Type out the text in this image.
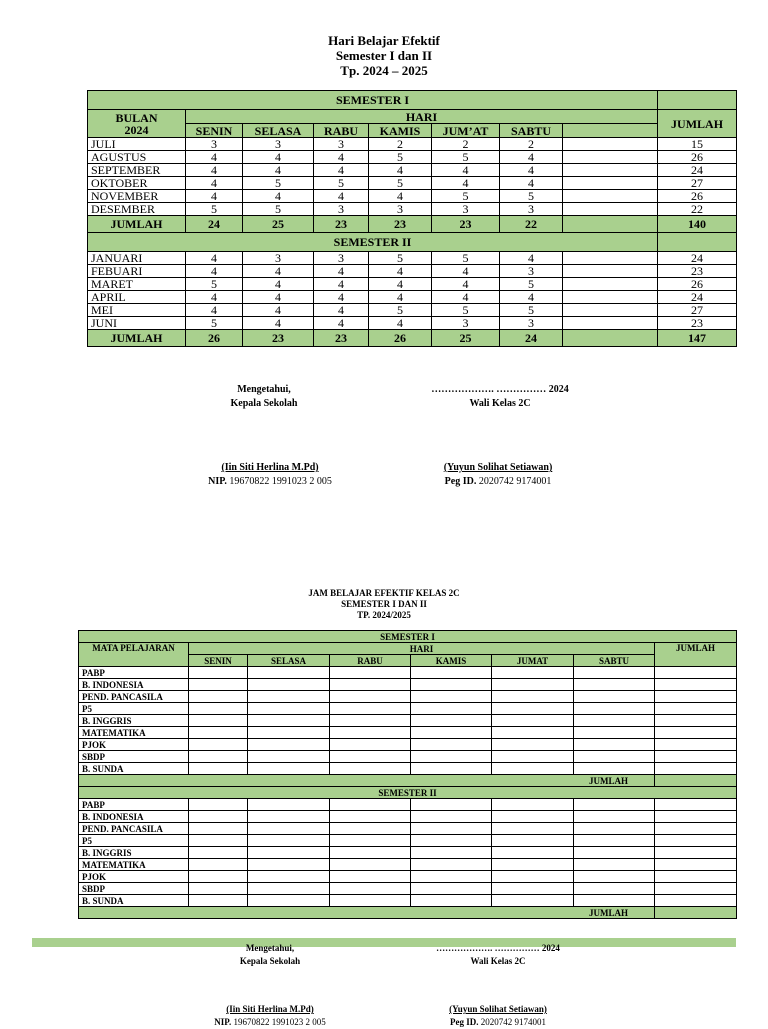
Hari Belajar Efektif
Semester I dan II
Tp. 2024 – 2025
SEMESTER I								
BULAN
2024	HARI							JUMLAH
	SENIN	SELASA	RABU	KAMIS	JUM’AT	SABTU		
JULI	3	3	3	2	2	2		15
AGUSTUS	4	4	4	5	5	4		26
SEPTEMBER	4	4	4	4	4	4		24
OKTOBER	4	5	5	5	4	4		27
NOVEMBER	4	4	4	4	5	5		26
DESEMBER	5	5	3	3	3	3		22
JUMLAH	24	25	23	23	23	22		140
SEMESTER II								
JANUARI	4	3	3	5	5	4		24
FEBUARI	4	4	4	4	4	3		23
MARET	5	4	4	4	4	5		26
APRIL	4	4	4	4	4	4		24
MEI	4	4	4	5	5	5		27
JUNI	5	4	4	4	3	3		23
JUMLAH	26	23	23	26	25	24		147
Mengetahui,
Kepala Sekolah
………………. …………… 2024
Wali Kelas 2C
(Iin Siti Herlina M.Pd)
NIP. 19670822 1991023 2 005
(Yuyun Solihat Setiawan)
Peg ID. 2020742 9174001
JAM BELAJAR EFEKTIF KELAS 2C
SEMESTER I DAN II
TP. 2024/2025
SEMESTER I							
MATA PELAJARAN	HARI						JUMLAH
	SENIN	SELASA	RABU	KAMIS	JUMAT	SABTU	
PABP							
B. INDONESIA							
PEND. PANCASILA							
P5							
B. INGGRIS							
MATEMATIKA							
PJOK							
SBDP							
B. SUNDA							
JUMLAH							
SEMESTER II							
PABP							
B. INDONESIA							
PEND. PANCASILA							
P5							
B. INGGRIS							
MATEMATIKA							
PJOK							
SBDP							
B. SUNDA							
JUMLAH							
Mengetahui,
Kepala Sekolah
………………. …………… 2024
Wali Kelas 2C
(Iin Siti Herlina M.Pd)
NIP. 19670822 1991023 2 005
(Yuyun Solihat Setiawan)
Peg ID. 2020742 9174001
